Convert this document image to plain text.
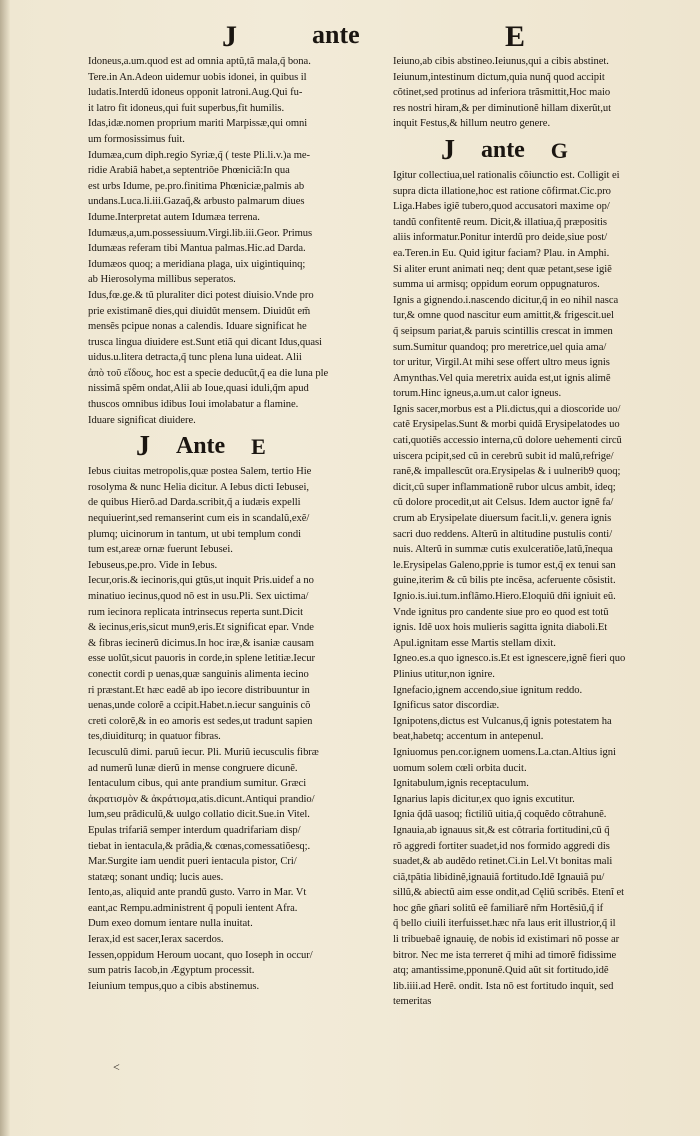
J	ante	E
Idoneus,a.um.quod est ad omnia aptũ,tã mala,q̃ bona.
Tere.in An.Adeon uidemur uobis idonei, in quibus il
ludatis.Interdũ idoneus opponit latroni.Aug.Qui fu-
it latro fit idoneus,qui fuit superbus,fit humilis.
Idas,idæ.nomen proprium mariti Marpissæ,qui omni
um formosissimus fuit.
Idumæa,cum diph.regio Syriæ,q̃ ( teste Pli.li.v.)a me-
ridie Arabiã habet,a septentriõe Phœniciã:In qua
est urbs Idume, pe.pro.finitima Phœniciæ,palmis ab
undans.Luca.li.iii.Gazaq̃,& arbusto palmarum diues
Idume.Interpretat autem Idumæa terrena.
Idumæus,a,um.possessiuum.Virgi.lib.iii.Geor. Primus
Idumæas referam tibi Mantua palmas.Hic.ad Darda.
Idumæos quoq; a meridiana plaga, uix uigintiquinq;
ab Hierosolyma millibus seperatos.
Idus,fœ.ge.& tũ pluraliter dici potest diuisio.Vnde pro
prie existimanẽ dies,qui diuidũt mensem. Diuidũt em̃
mensẽs pcipue nonas a calendis. Iduare significat he
trusca lingua diuidere est.Sunt etiã qui dicant Idus,quasi
uidus.u.litera detracta,q̃ tunc plena luna uideat. Alii
ἀπὸ τοῦ εἴδους, hoc est a specie deducũt,q̃ ea die luna ple
nissimã spẽm ondat,Alii ab Ioue,quasi iduli,q̃m apud
thuscos omnibus idibus Ioui imolabatur a flamine.
Iduare significat diuidere.
J Ante E
Iebus ciuitas metropolis,quæ postea Salem, tertio Hie
rosolyma & nunc Helia dicitur. A Iebus dicti Iebusei,
de quibus Hierõ.ad Darda.scribit,q̃ a iudæis expelli
nequiuerint,sed remanserint cum eis in scandalũ,exẽ/
plumq; uicinorum in tantum, ut ubi templum condi
tum est,areæ ornæ fuerunt Iebusei.
Iebuseus,pe.pro. Vide in Iebus.
Iecur,oris.& iecinoris,qui gtũs,ut inquit Pris.uidef a no
minatiuo iecinus,quod nõ est in usu.Pli. Sex uictima/
rum iecinora replicata intrinsecus reperta sunt.Dicit
& iecinus,eris,sicut mun9,eris.Et significat epar. Vnde
& fibras iecinerũ dicimus.In hoc iræ,& isaniæ causam
esse uolũt,sicut pauoris in corde,in splene letitiæ.Iecur
conectit cordi p uenas,quæ sanguinis alimenta iecino
ri præstant.Et hæc eadẽ ab ipo iecore distribuuntur in
uenas,unde colorẽ a ccipit.Habet.n.iecur sanguinis cõ
creti colorẽ,& in eo amoris est sedes,ut tradunt sapien
tes,diuiditurq; in quatuor fibras.
Iecusculũ dimi. paruũ iecur. Pli. Muriũ iecusculis fibræ
ad numerũ lunæ dierũ in mense congruere dicunẽ.
Ientaculum cibus, qui ante prandium sumitur. Græci
ἀκρατισμὸν & ἀκράτισμα,atis.dicunt.Antiqui prandio/
lum,seu prãdiculũ,& uulgo collatio dicit.Sue.in Vitel.
Epulas trifariã semper interdum quadrifariam disp/
tiebat in ientacula,& prãdia,& cœnas,comessatiõesq;.
Mar.Surgite iam uendit pueri ientacula pistor, Cri/
statæq; sonant undiq; lucis aues.
Iento,as, aliquid ante prandũ gusto. Varro in Mar. Vt
eant,ac Rempu.administrent q̃ populi ientent Afra.
Dum exeo domum ientare nulla inuitat.
Ierax,id est sacer,Ierax sacerdos.
Iessen,oppidum Heroum uocant, quo Ioseph in occur/
sum patris Iacob,in Ægyptum processit.
Ieiunium tempus,quo a cibis abstinemus.
Ieiuno,ab cibis abstineo.Ieiunus,qui a cibis abstinet.
Ieiunum,intestinum dictum,quia nunq̃ quod accipit
cõtinet,sed protinus ad inferiora trãsmittit,Hoc maio
res nostri hiram,& per diminutionẽ hillam dixerũt,ut
inquit Festus,& hillum neutro genere.
J ante G
Igitur collectiua,uel rationalis cõiunctio est. Colligit ei
supra dicta illatione,hoc est ratione cõfirmat.Cic.pro
Liga.Habes igiẽ tubero,quod accusatori maxime op/
tandũ confitentẽ reum. Dicit,& illatiua,q̃ præpositis
aliis informatur.Ponitur interdũ pro deide,siue post/
ea.Teren.in Eu. Quid igitur faciam? Plau. in Amphi.
Si aliter erunt animati neq; dent quæ petant,sese igiẽ
summa ui armisq; oppidum eorum oppugnaturos.
Ignis a gignendo.i.nascendo dicitur,q̃ in eo nihil nasca
tur,& omne quod nascitur eum amittit,& frigescit.uel
q̃ seipsum pariat,& paruis scintillis crescat in immen
sum.Sumitur quandoq; pro meretrice,uel quia ama/
tor uritur, Virgil.At mihi sese offert ultro meus ignis
Amynthas.Vel quia meretrix auida est,ut ignis alimẽ
torum.Hinc igneus,a.um.ut calor igneus.
Ignis sacer,morbus est a Pli.dictus,qui a dioscoride uo/
catẽ Erysipelas.Sunt & morbi quidã Erysipelatodes uo
cati,quotiẽs accessio interna,cũ dolore uehementi circũ
uiscera pcipit,sed cũ in cerebrũ subit id malũ,refrige/
ranẽ,& impallescũt ora.Erysipelas & i uulnerib9 quoq;
dicit,cũ super inflammationẽ rubor ulcus ambit, ideq;
cũ dolore procedit,ut ait Celsus. Idem auctor ignẽ fa/
crum ab Erysipelate diuersum facit.li,v. genera ignis
sacri duo reddens. Alterũ in altitudine pustulis conti/
nuis. Alterũ in summæ cutis exulceratiõe,latũ,ĩnequa
le.Erysipelas Galeno,pprie is tumor est,q̃ ex tenui san
guine,iterim & cũ bilis pte incẽsa, acferuente cõsistit.
Ignio.is.iui.tum.inflãmo.Hiero.Eloquiũ dñi igniuit eũ.
Vnde ignitus pro candente siue pro eo quod est totũ
ignis. Idẽ uox hois mulieris sagitta ignita diaboli.Et
Apul.ignitam esse Martis stellam dixit.
Igneo.es.a quo ignesco.is.Et est ignescere,ignẽ fieri quo
Plinius utitur,non ignire.
Ignefacio,ignem accendo,siue ignitum reddo.
Ignificus sator discordiæ.
Ignipotens,dictus est Vulcanus,q̃ ignis potestatem ha
beat,habetq; accentum in antepenul.
Igniuomus pen.cor.ignem uomens.La.ctan.Altius igni
uomum solem cœli orbita ducit.
Ignitabulum,ignis receptaculum.
Ignarius lapis dicitur,ex quo ignis excutitur.
Ignia q̃dã uasoq; fictiliũ uitia,q̃ coquẽdo cõtrahunẽ.
Ignauia,ab ignauus sit,& est cõtraria fortitudini,cũ q̃
rõ aggredi fortiter suadet,id nos formido aggredi dis
suadet,& ab audẽdo retinet.Ci.in Lel.Vt bonitas mali
ciã,tpãtia libidinẽ,ignauiã fortitudo.Idẽ Ignauiã pu/
sillũ,& abiectũ aim esse ondit,ad Cęliũ scribẽs. Etenĩ et
hoc gñe gñari solitũ eẽ familiarẽ nr̃m Hortẽsiũ,q̃ if
q̃ bello ciuili iterfuisset.hæc nr̃a laus erit illustrior,q̃ il
li tribuebaẽ ignauię, de nobis id existimari nõ posse ar
bitror. Nec me ista terreret q̃ mihi ad timorẽ fidissime
atq; amantissime,pponunẽ.Quid aũt sit fortitudo,idẽ
lib.iiii.ad Herẽ. ondit. Ista nõ est fortitudo inquit, sed
temeritas
˂
